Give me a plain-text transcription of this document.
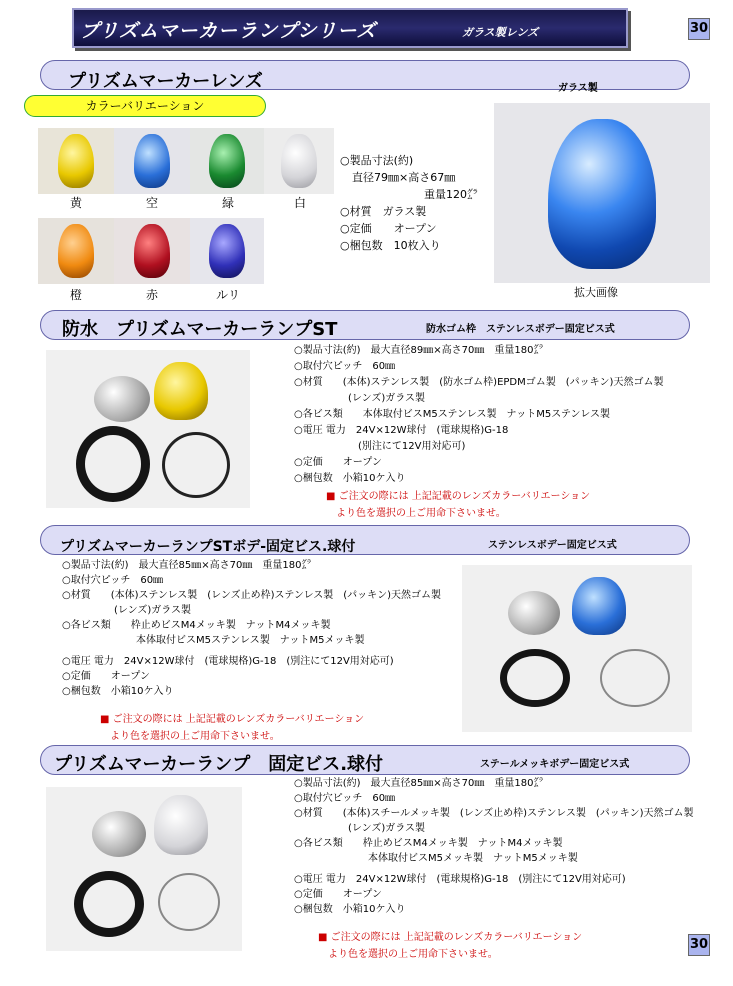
プリズムマーカーランプシリーズ	ガラス製レンズ	30
プリズムマーカーレンズ	ガラス製
カラーバリエーション
黄	空	緑	白
橙	赤	ルリ
○製品寸法(約)
直径79㎜×高さ67㎜
重量120㌘
○材質　ガラス製
○定価　　オープン
○梱包数　10枚入り
拡大画像
防水　プリズムマーカーランプST	防水ゴム枠　ステンレスボデー固定ビス式
○製品寸法(約)　最大直径89㎜×高さ70㎜　重量180㌘
○取付穴ピッチ　60㎜
○材質　　(本体)ステンレス製　(防水ゴム枠)EPDMゴム製　(パッキン)天然ゴム製
(レンズ)ガラス製
○各ビス類　　本体取付ビスM5ステンレス製　ナットM5ステンレス製
○電圧 電力　24V×12W球付　(電球規格)G-18
(別注にて12V用対応可)
○定価　　オープン
○梱包数　小箱10ケ入り
■ ご注文の際には 上記記載のレンズカラーバリエーション
より色を選択の上ご用命下さいませ。
プリズムマーカーランプSTボデ-固定ビス.球付	ステンレスボデー固定ビス式
○製品寸法(約)　最大直径85㎜×高さ70㎜　重量180㌘
○取付穴ピッチ　60㎜
○材質　　(本体)ステンレス製　(レンズ止め枠)ステンレス製　(パッキン)天然ゴム製
(レンズ)ガラス製
○各ビス類　　枠止めビスM4メッキ製　ナットM4メッキ製
本体取付ビスM5ステンレス製　ナットM5メッキ製
○電圧 電力　24V×12W球付　(電球規格)G-18　(別注にて12V用対応可)
○定価　　オープン
○梱包数　小箱10ケ入り
■ ご注文の際には 上記記載のレンズカラーバリエーション
より色を選択の上ご用命下さいませ。
プリズムマーカーランプ　固定ビス.球付	ステールメッキボデー固定ビス式
○製品寸法(約)　最大直径85㎜×高さ70㎜　重量180㌘
○取付穴ピッチ　60㎜
○材質　　(本体)スチールメッキ製　(レンズ止め枠)ステンレス製　(パッキン)天然ゴム製
(レンズ)ガラス製
○各ビス類　　枠止めビスM4メッキ製　ナットM4メッキ製
本体取付ビスM5メッキ製　ナットM5メッキ製
○電圧 電力　24V×12W球付　(電球規格)G-18　(別注にて12V用対応可)
○定価　　オープン
○梱包数　小箱10ケ入り
■ ご注文の際には 上記記載のレンズカラーバリエーション
より色を選択の上ご用命下さいませ。
30
